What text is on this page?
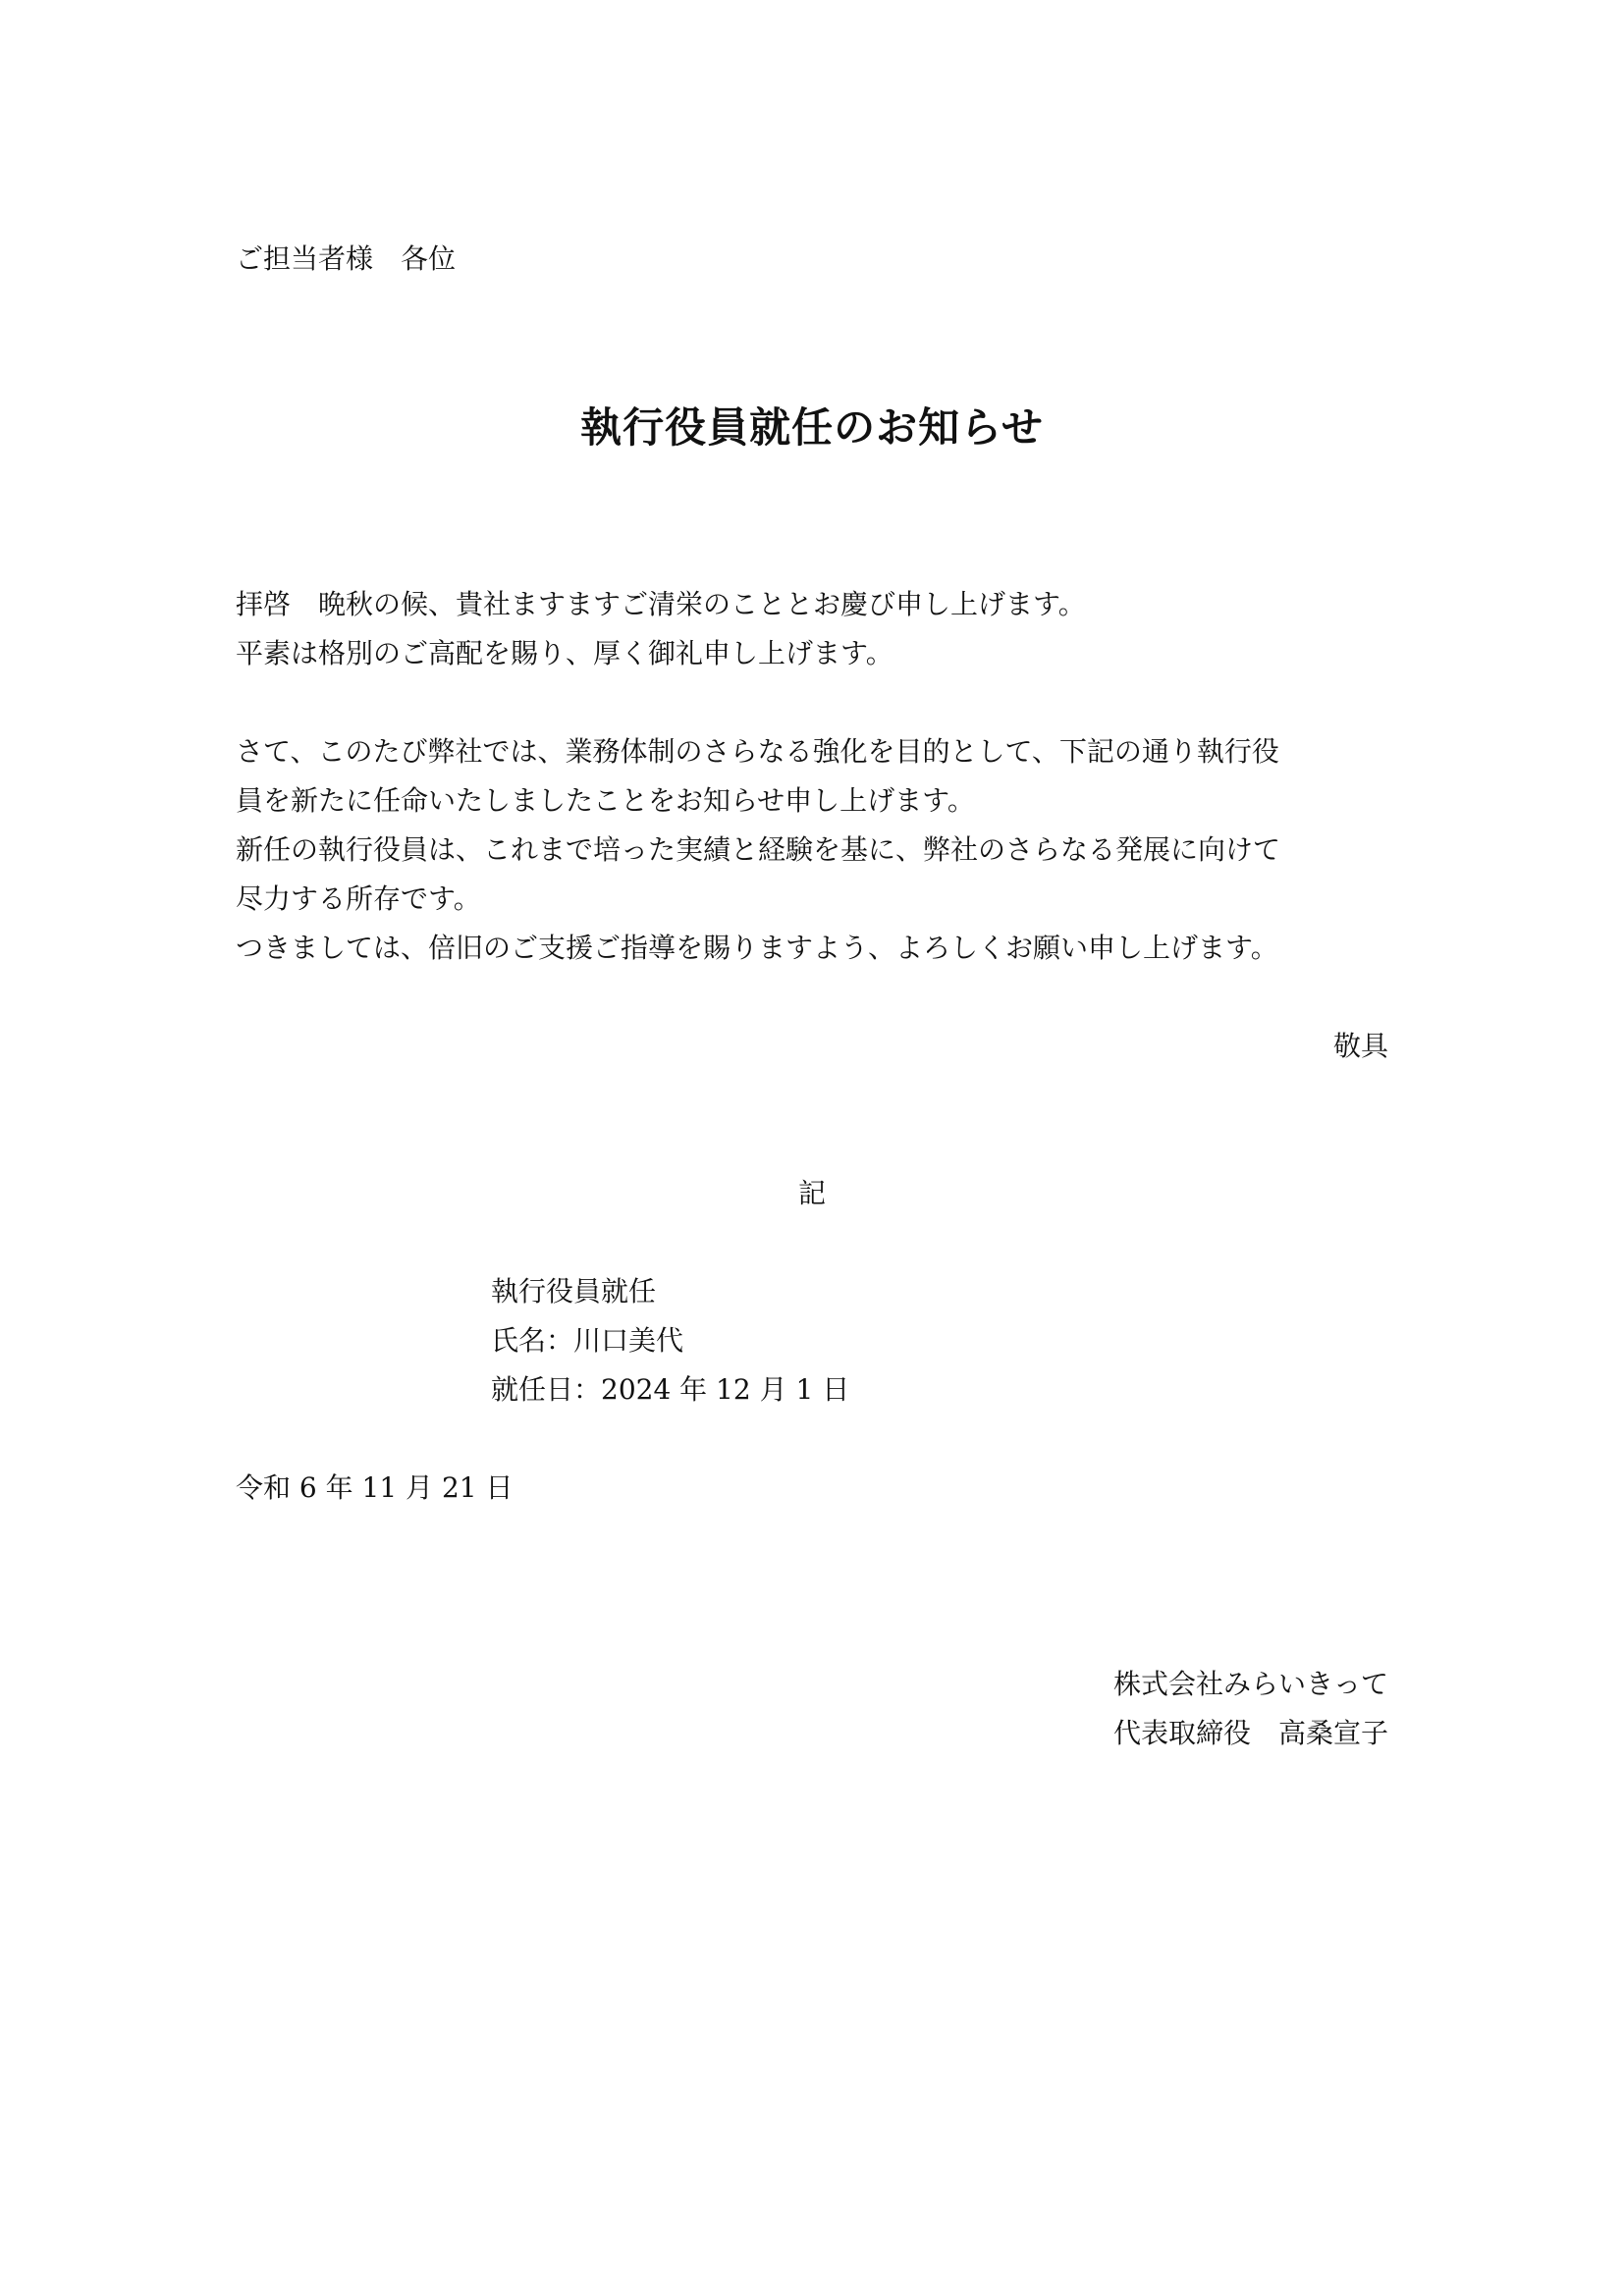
ご担当者様　各位
執行役員就任のお知らせ
拝啓　晩秋の候、貴社ますますご清栄のこととお慶び申し上げます。
平素は格別のご高配を賜り、厚く御礼申し上げます。
さて、このたび弊社では、業務体制のさらなる強化を目的として、下記の通り執行役
員を新たに任命いたしましたことをお知らせ申し上げます。
新任の執行役員は、これまで培った実績と経験を基に、弊社のさらなる発展に向けて
尽力する所存です。
つきましては、倍旧のご支援ご指導を賜りますよう、よろしくお願い申し上げます。
敬具
記
執行役員就任
氏名：川口美代
就任日：2024 年 12 月 1 日
令和 6 年 11 月 21 日
株式会社みらいきって
代表取締役　高桑宣子
